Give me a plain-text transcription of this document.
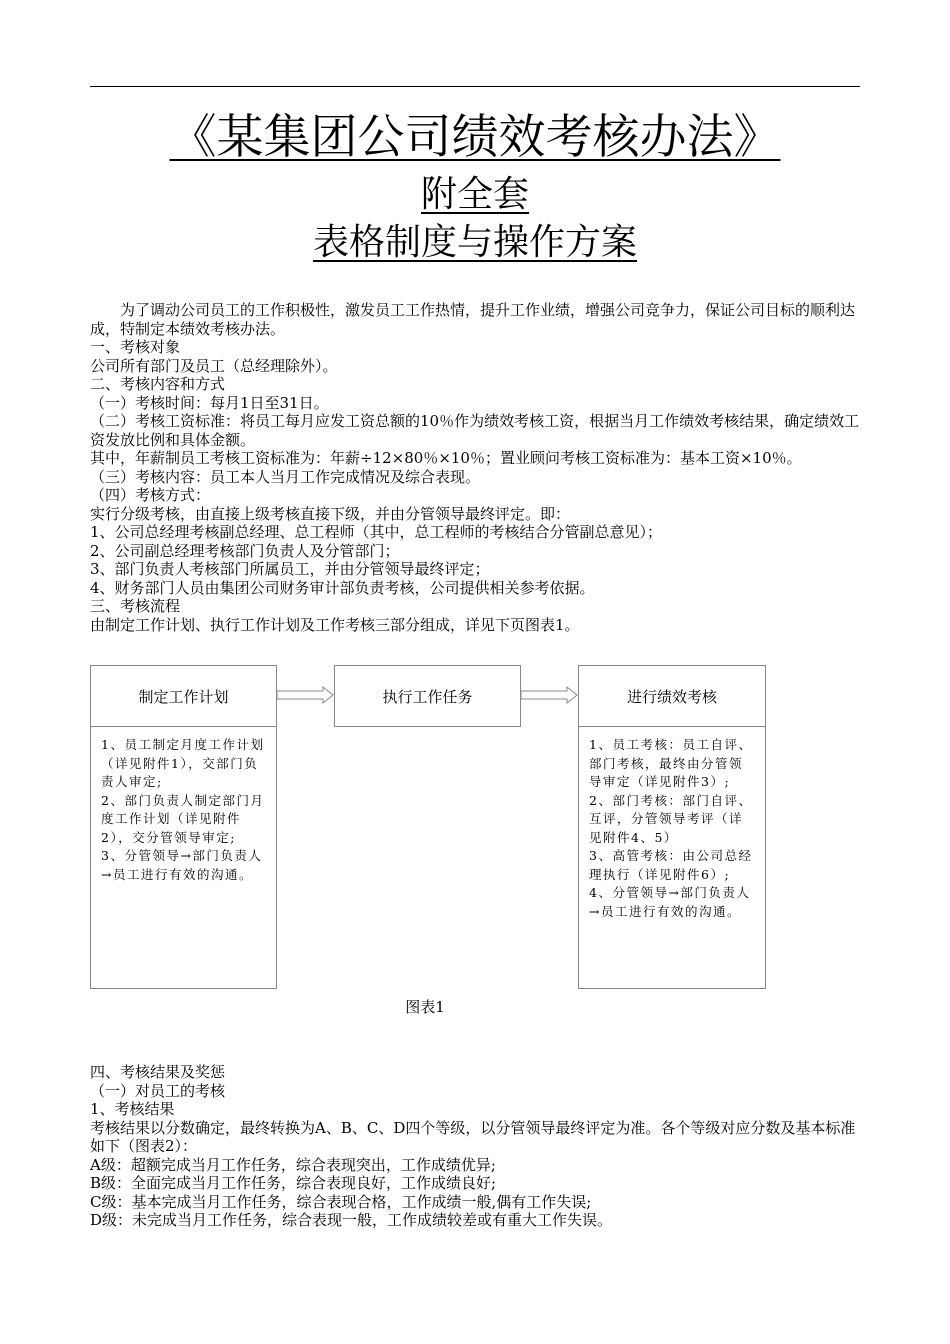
《某集团公司绩效考核办法》
附全套
表格制度与操作方案

为了调动公司员工的工作积极性，激发员工工作热情，提升工作业绩，增强公司竞争力，保证公司目标的顺利达成，特制定本绩效考核办法。

一、考核对象

公司所有部门及员工（总经理除外）。

二、考核内容和方式

（一）考核时间：每月1日至31日。

（二）考核工资标准：将员工每月应发工资总额的10％作为绩效考核工资，根据当月工作绩效考核结果，确定绩效工资发放比例和具体金额。

其中，年薪制员工考核工资标准为：年薪÷12×80％×10％；置业顾问考核工资标准为：基本工资×10％。

（三）考核内容：员工本人当月工作完成情况及综合表现。

（四）考核方式：

实行分级考核，由直接上级考核直接下级，并由分管领导最终评定。即：

1、公司总经理考核副总经理、总工程师（其中，总工程师的考核结合分管副总意见）；

2、公司副总经理考核部门负责人及分管部门；

3、部门负责人考核部门所属员工，并由分管领导最终评定；

4、财务部门人员由集团公司财务审计部负责考核，公司提供相关参考依据。

三、考核流程

由制定工作计划、执行工作计划及工作考核三部分组成，详见下页图表1。

制定工作计划

1、员工制定月度工作计划（详见附件1），交部门负责人审定;

2、部门负责人制定部门月度工作计划（详见附件2），交分管领导审定;

3、分管领导→部门负责人→员工进行有效的沟通。

执行工作任务	进行绩效考核

1、员工考核：员工自评、部门考核，最终由分管领导审定（详见附件3）;

2、部门考核：部门自评、互评，分管领导考评（详见附件4、5）

3、高管考核：由公司总经理执行（详见附件6）;

4、分管领导→部门负责人→员工进行有效的沟通。

图表1

四、考核结果及奖惩

（一）对员工的考核

1、考核结果

考核结果以分数确定，最终转换为A、B、C、D四个等级，以分管领导最终评定为准。各个等级对应分数及基本标准如下（图表2）：

A级：超额完成当月工作任务，综合表现突出，工作成绩优异;

B级：全面完成当月工作任务，综合表现良好，工作成绩良好;

C级：基本完成当月工作任务，综合表现合格，工作成绩一般,偶有工作失误;

D级：未完成当月工作任务，综合表现一般，工作成绩较差或有重大工作失误。
